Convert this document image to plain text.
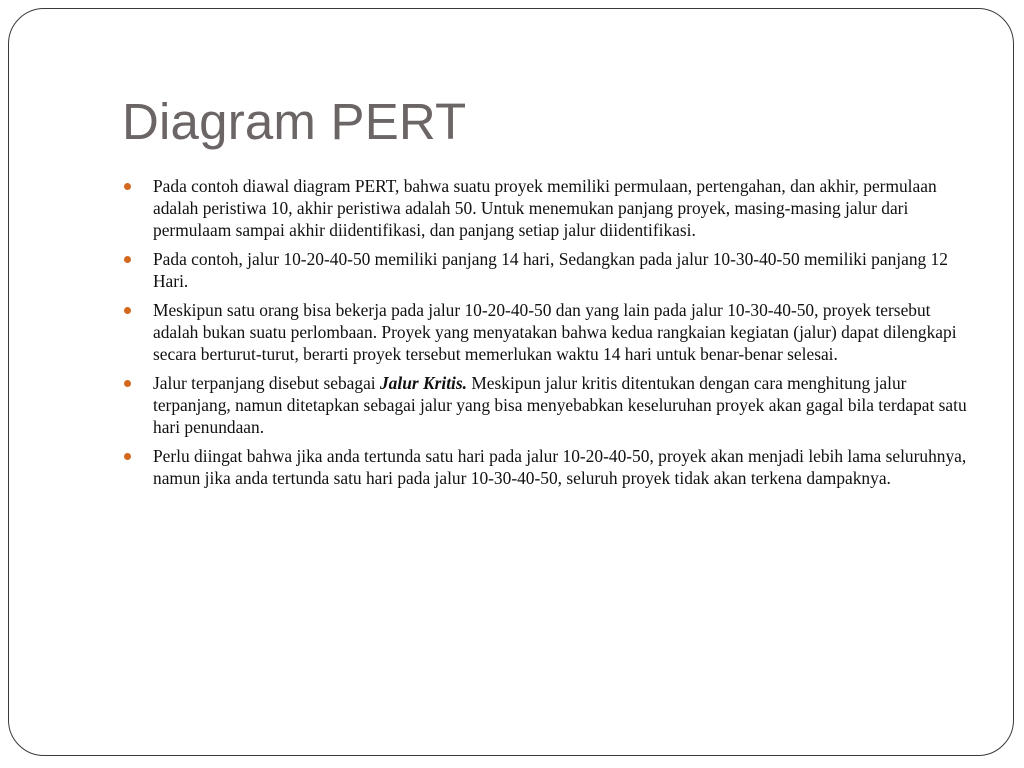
Diagram PERT
Pada contoh diawal diagram PERT, bahwa suatu proyek memiliki permulaan, pertengahan, dan akhir, permulaan adalah peristiwa 10, akhir peristiwa adalah 50. Untuk menemukan panjang proyek, masing-masing jalur dari permulaam sampai akhir diidentifikasi, dan panjang setiap jalur diidentifikasi.
Pada contoh, jalur 10-20-40-50 memiliki panjang 14 hari, Sedangkan pada jalur 10-30-40-50 memiliki panjang 12 Hari.
Meskipun satu orang bisa bekerja pada jalur 10-20-40-50 dan yang lain pada jalur 10-30-40-50, proyek tersebut adalah bukan suatu perlombaan. Proyek yang menyatakan bahwa kedua rangkaian kegiatan (jalur) dapat dilengkapi secara berturut-turut, berarti proyek tersebut memerlukan waktu 14 hari untuk benar-benar selesai.
Jalur terpanjang disebut sebagai Jalur Kritis. Meskipun jalur kritis ditentukan dengan cara menghitung jalur terpanjang, namun ditetapkan sebagai jalur yang bisa menyebabkan keseluruhan proyek akan gagal bila terdapat satu hari penundaan.
Perlu diingat bahwa jika anda tertunda satu hari pada jalur 10-20-40-50, proyek akan menjadi lebih lama seluruhnya, namun jika anda tertunda satu hari pada jalur 10-30-40-50, seluruh proyek tidak akan terkena dampaknya.
